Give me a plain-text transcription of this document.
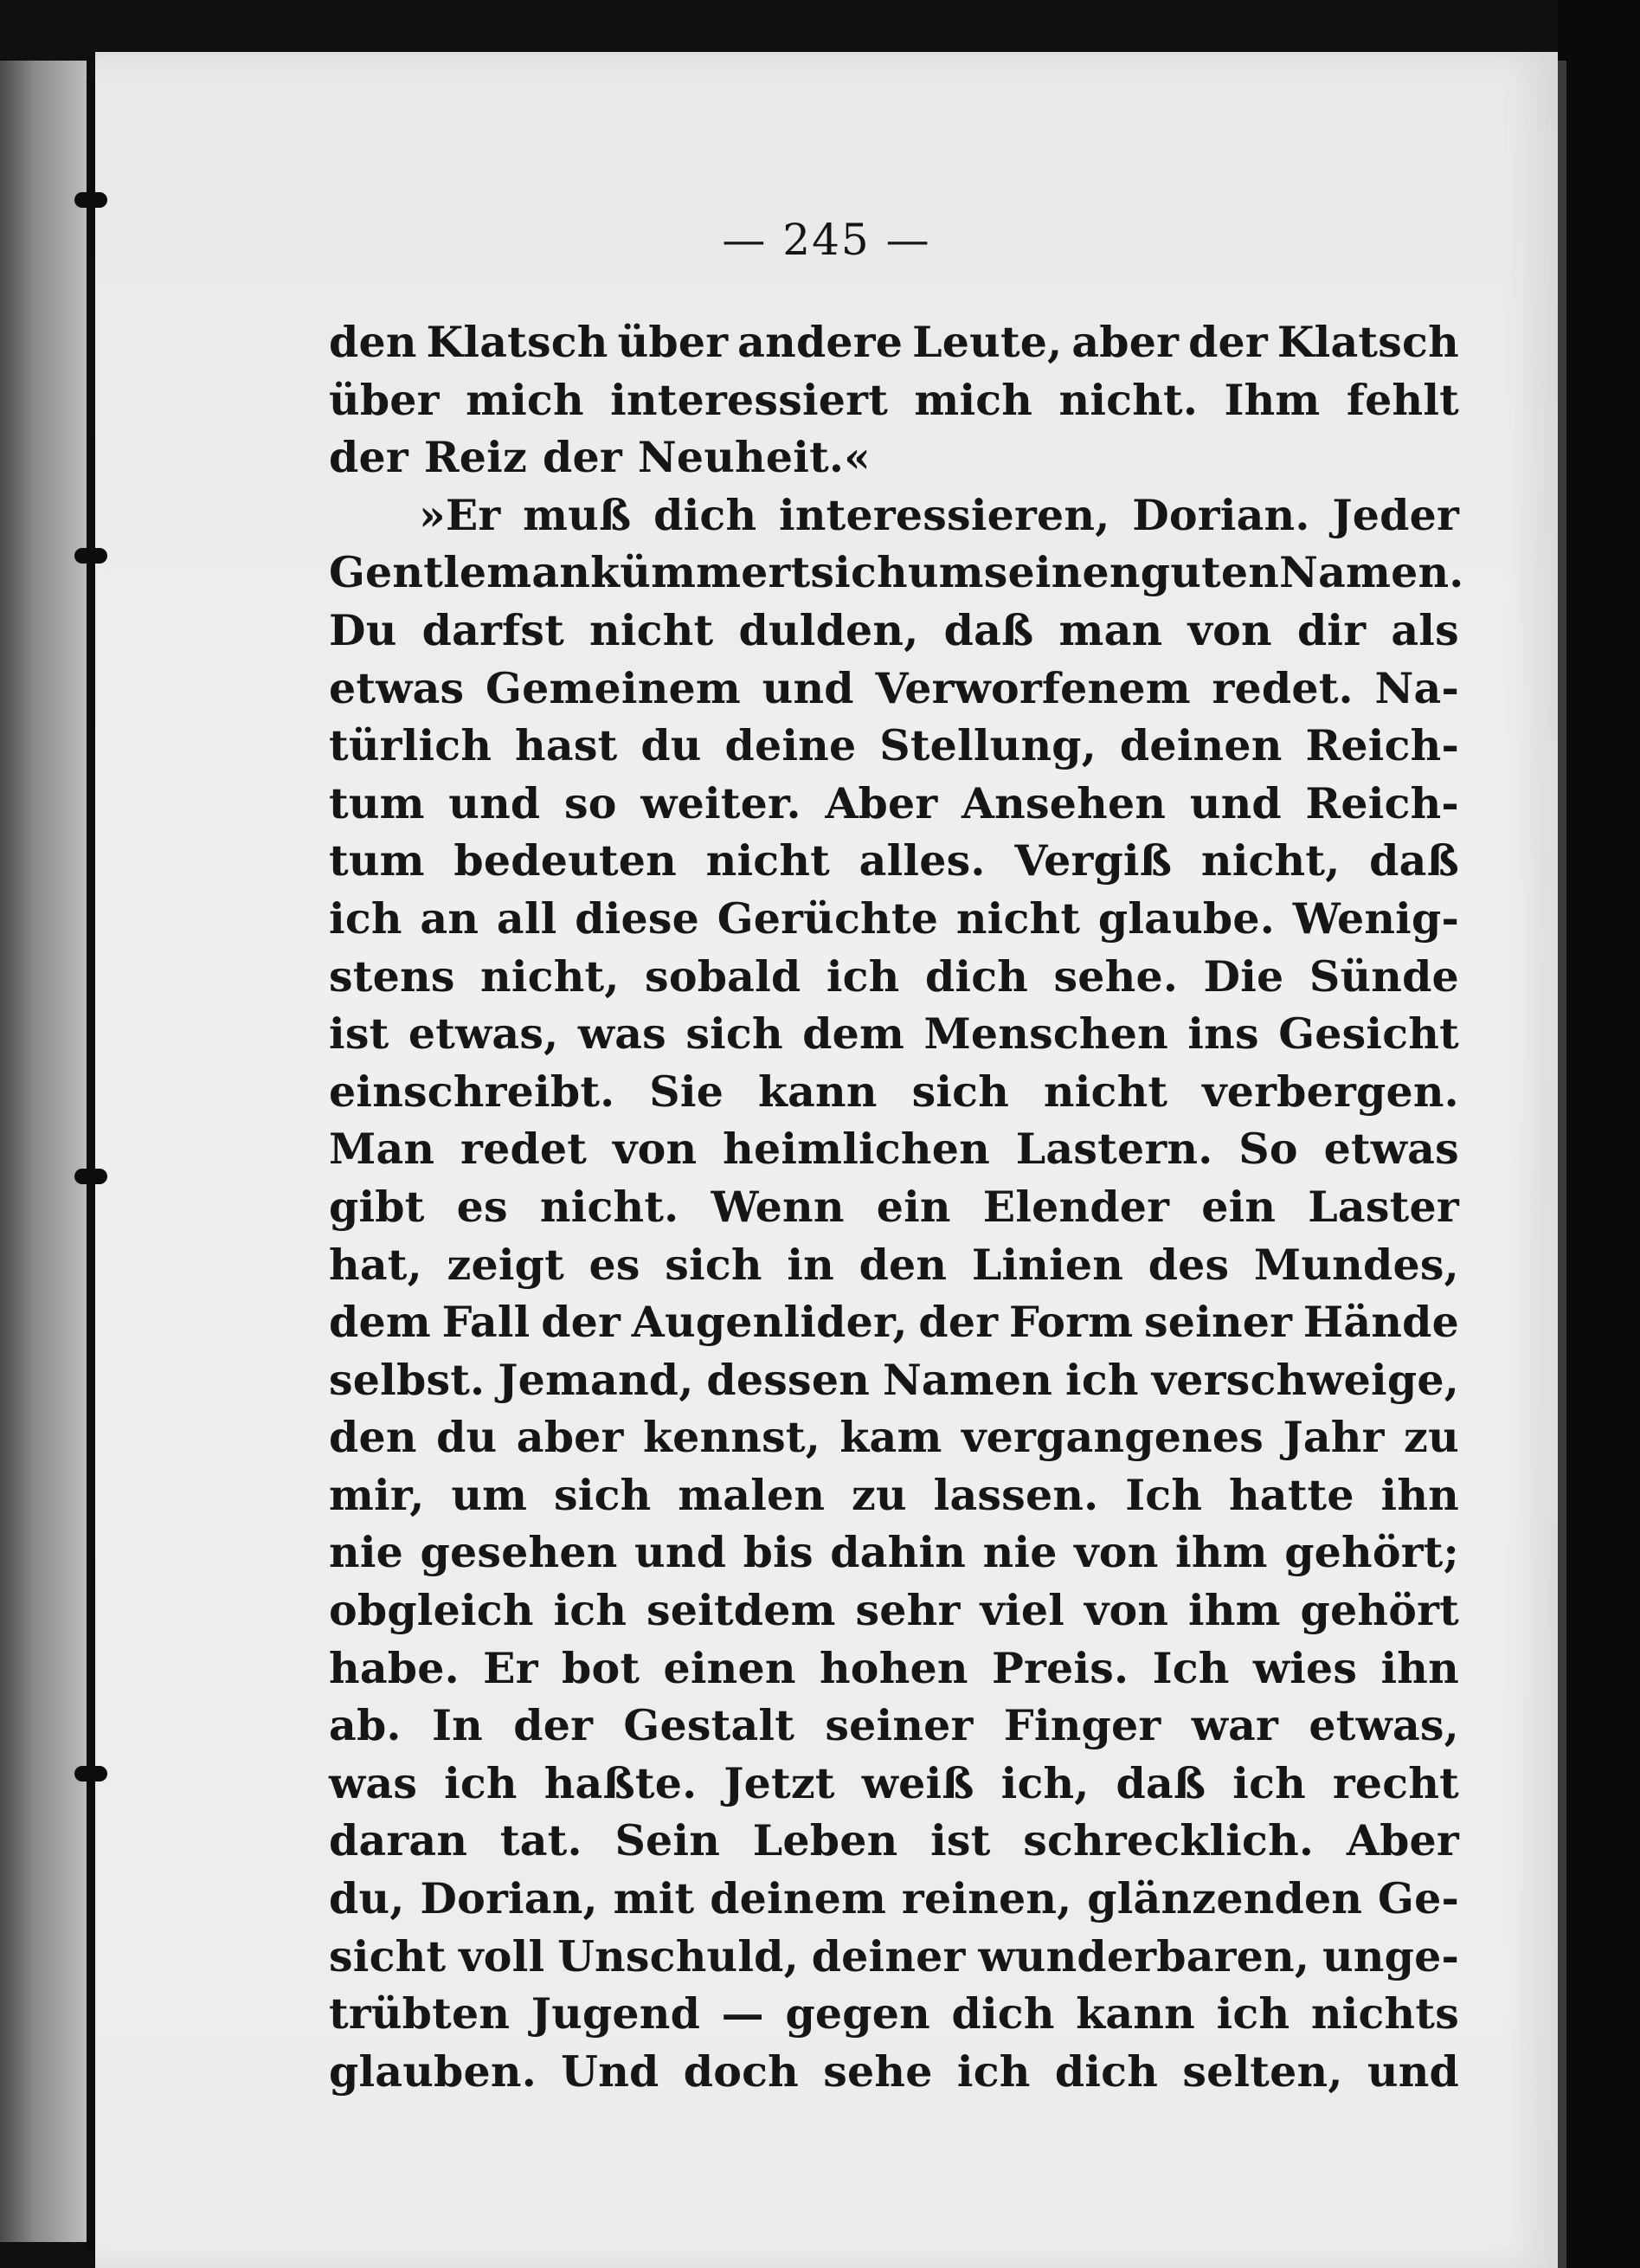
— 245 —
den Klatsch über andere Leute, aber der Klatsch
über mich interessiert mich nicht. Ihm fehlt
der Reiz der Neuheit.«
»Er muß dich interessieren, Dorian. Jeder
Gentleman kümmert sich um seinen guten Namen.
Du darfst nicht dulden, daß man von dir als
etwas Gemeinem und Verworfenem redet. Na-
türlich hast du deine Stellung, deinen Reich-
tum und so weiter. Aber Ansehen und Reich-
tum bedeuten nicht alles. Vergiß nicht, daß
ich an all diese Gerüchte nicht glaube. Wenig-
stens nicht, sobald ich dich sehe. Die Sünde
ist etwas, was sich dem Menschen ins Gesicht
einschreibt. Sie kann sich nicht verbergen.
Man redet von heimlichen Lastern. So etwas
gibt es nicht. Wenn ein Elender ein Laster
hat, zeigt es sich in den Linien des Mundes,
dem Fall der Augenlider, der Form seiner Hände
selbst. Jemand, dessen Namen ich verschweige,
den du aber kennst, kam vergangenes Jahr zu
mir, um sich malen zu lassen. Ich hatte ihn
nie gesehen und bis dahin nie von ihm gehört;
obgleich ich seitdem sehr viel von ihm gehört
habe. Er bot einen hohen Preis. Ich wies ihn
ab. In der Gestalt seiner Finger war etwas,
was ich haßte. Jetzt weiß ich, daß ich recht
daran tat. Sein Leben ist schrecklich. Aber
du, Dorian, mit deinem reinen, glänzenden Ge-
sicht voll Unschuld, deiner wunderbaren, unge-
trübten Jugend — gegen dich kann ich nichts
glauben. Und doch sehe ich dich selten, und
